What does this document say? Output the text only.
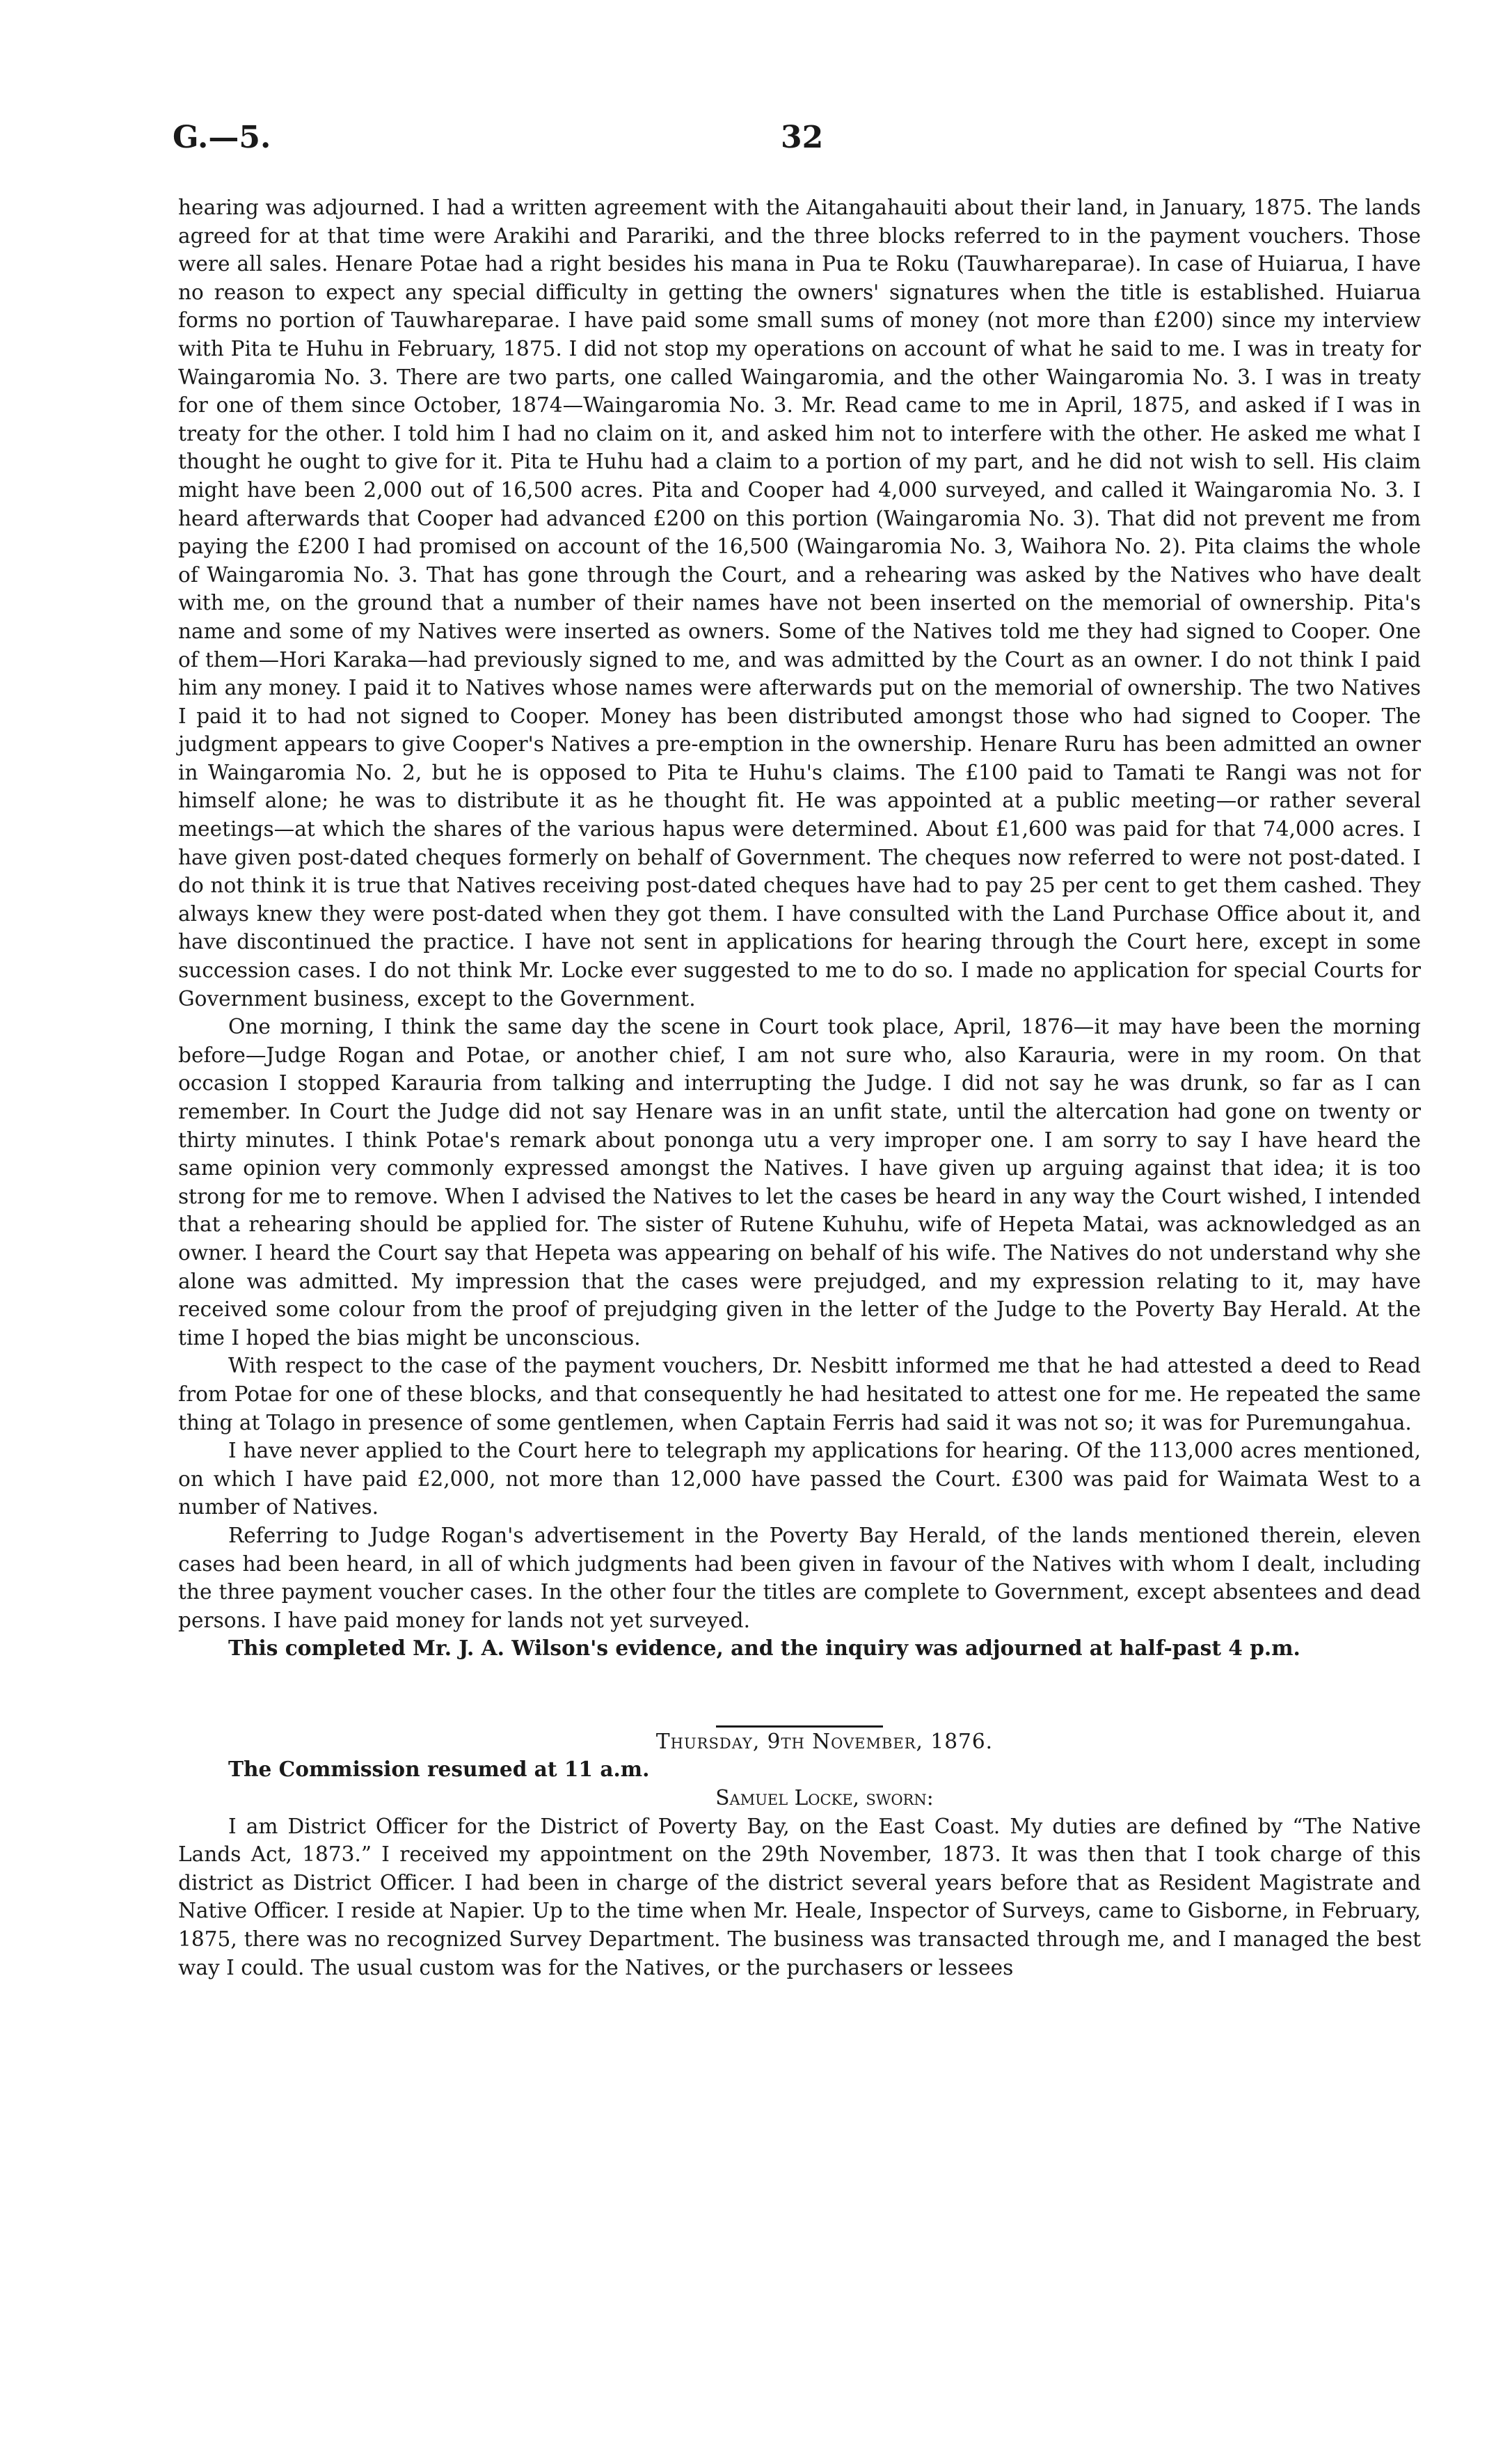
G.—5.	32

hearing was adjourned. I had a written agreement with the Aitangahauiti about their land, in January, 1875. The lands agreed for at that time were Arakihi and Parariki, and the three blocks referred to in the payment vouchers. Those were all sales. Henare Potae had a right besides his mana in Pua te Roku (Tauwhareparae). In case of Huiarua, I have no reason to expect any special difficulty in getting the owners' signatures when the title is established. Huiarua forms no portion of Tauwhareparae. I have paid some small sums of money (not more than £200) since my interview with Pita te Huhu in February, 1875. I did not stop my operations on account of what he said to me. I was in treaty for Waingaromia No. 3. There are two parts, one called Waingaromia, and the other Waingaromia No. 3. I was in treaty for one of them since October, 1874—Waingaromia No. 3. Mr. Read came to me in April, 1875, and asked if I was in treaty for the other. I told him I had no claim on it, and asked him not to interfere with the other. He asked me what I thought he ought to give for it. Pita te Huhu had a claim to a portion of my part, and he did not wish to sell. His claim might have been 2,000 out of 16,500 acres. Pita and Cooper had 4,000 surveyed, and called it Waingaromia No. 3. I heard afterwards that Cooper had advanced £200 on this portion (Waingaromia No. 3). That did not prevent me from paying the £200 I had promised on account of the 16,500 (Waingaromia No. 3, Waihora No. 2). Pita claims the whole of Waingaromia No. 3. That has gone through the Court, and a rehearing was asked by the Natives who have dealt with me, on the ground that a number of their names have not been inserted on the memorial of ownership. Pita's name and some of my Natives were inserted as owners. Some of the Natives told me they had signed to Cooper. One of them—Hori Karaka—had previously signed to me, and was admitted by the Court as an owner. I do not think I paid him any money. I paid it to Natives whose names were afterwards put on the memorial of ownership. The two Natives I paid it to had not signed to Cooper. Money has been distributed amongst those who had signed to Cooper. The judgment appears to give Cooper's Natives a pre-emption in the ownership. Henare Ruru has been admitted an owner in Waingaromia No. 2, but he is opposed to Pita te Huhu's claims. The £100 paid to Tamati te Rangi was not for himself alone; he was to distribute it as he thought fit. He was appointed at a public meeting—or rather several meetings—at which the shares of the various hapus were determined. About £1,600 was paid for that 74,000 acres. I have given post-dated cheques formerly on behalf of Government. The cheques now referred to were not post-dated. I do not think it is true that Natives receiving post-dated cheques have had to pay 25 per cent to get them cashed. They always knew they were post-dated when they got them. I have consulted with the Land Purchase Office about it, and have discontinued the practice. I have not sent in applications for hearing through the Court here, except in some succession cases. I do not think Mr. Locke ever suggested to me to do so. I made no application for special Courts for Government business, except to the Government.

One morning, I think the same day the scene in Court took place, April, 1876—it may have been the morning before—Judge Rogan and Potae, or another chief, I am not sure who, also Karauria, were in my room. On that occasion I stopped Karauria from talking and interrupting the Judge. I did not say he was drunk, so far as I can remember. In Court the Judge did not say Henare was in an unfit state, until the altercation had gone on twenty or thirty minutes. I think Potae's remark about pononga utu a very improper one. I am sorry to say I have heard the same opinion very commonly expressed amongst the Natives. I have given up arguing against that idea; it is too strong for me to remove. When I advised the Natives to let the cases be heard in any way the Court wished, I intended that a rehearing should be applied for. The sister of Rutene Kuhuhu, wife of Hepeta Matai, was acknowledged as an owner. I heard the Court say that Hepeta was appearing on behalf of his wife. The Natives do not understand why she alone was admitted. My impression that the cases were prejudged, and my expression relating to it, may have received some colour from the proof of prejudging given in the letter of the Judge to the Poverty Bay Herald. At the time I hoped the bias might be unconscious.

With respect to the case of the payment vouchers, Dr. Nesbitt informed me that he had attested a deed to Read from Potae for one of these blocks, and that consequently he had hesitated to attest one for me. He repeated the same thing at Tolago in presence of some gentlemen, when Captain Ferris had said it was not so; it was for Puremungahua.

I have never applied to the Court here to telegraph my applications for hearing. Of the 113,000 acres mentioned, on which I have paid £2,000, not more than 12,000 have passed the Court. £300 was paid for Waimata West to a number of Natives.

Referring to Judge Rogan's advertisement in the Poverty Bay Herald, of the lands mentioned therein, eleven cases had been heard, in all of which judgments had been given in favour of the Natives with whom I dealt, including the three payment voucher cases. In the other four the titles are complete to Government, except absentees and dead persons. I have paid money for lands not yet surveyed.

This completed Mr. J. A. Wilson's evidence, and the inquiry was adjourned at half-past 4 p.m.

Thursday, 9th November, 1876.

The Commission resumed at 11 a.m.

Samuel Locke, sworn:

I am District Officer for the District of Poverty Bay, on the East Coast. My duties are defined by “The Native Lands Act, 1873.” I received my appointment on the 29th November, 1873. It was then that I took charge of this district as District Officer. I had been in charge of the district several years before that as Resident Magistrate and Native Officer. I reside at Napier. Up to the time when Mr. Heale, Inspector of Surveys, came to Gisborne, in February, 1875, there was no recognized Survey Department. The business was transacted through me, and I managed the best way I could. The usual custom was for the Natives, or the purchasers or lessees
